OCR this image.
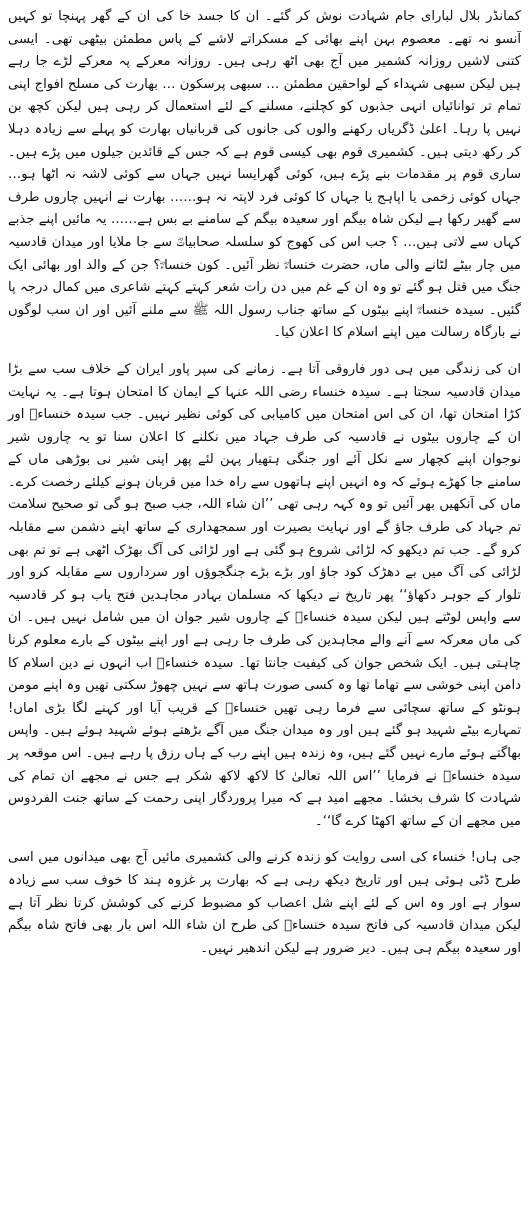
کمانڈر بلال لبارای جام شہادت نوش کر گئے۔ ان کا جسد خا کی ان کے گھر پہنچا تو کہیں آنسو نہ تھے۔ معصوم بہن اپنے بھائی کے مسکراتے لاشے کے پاس مطمئن بیٹھی تھی۔ ایسی کتنی لاشیں روزانہ کشمیر میں آج بھی اٹھ رہی ہیں۔ روزانہ معرکے پہ معرکے لڑے جا رہے ہیں لیکن سبھی شہداء کے لواحقین مطمئن … سبھی پرسکون … بھارت کی مسلح افواج اپنی تمام تر توانائیاں انہی جذبوں کو کچلنے، مسلنے کے لئے استعمال کر رہی ہیں لیکن کچھ بن نہیں پا رہا۔ اعلیٰ ڈگریاں رکھنے والوں کی جانوں کی قربانیاں بھارت کو پہلے سے زیادہ دہلا کر رکھ دیتی ہیں۔ کشمیری قوم بھی کیسی قوم ہے کہ جس کے قائدین جیلوں میں پڑے ہیں۔ ساری قوم پر مقدمات بنے پڑے ہیں، کوئی گھرایسا نہیں جہاں سے کوئی لاشہ نہ اٹھا ہو… جہاں کوئی زخمی یا اپاہج یا جہاں کا کوئی فرد لاپتہ نہ ہو…… بھارت نے انہیں چاروں طرف سے گھیر رکھا ہے لیکن شاہ بیگم اور سعیدہ بیگم کے سامنے بے بس ہے…… یہ مائیں اپنے جذبے کہاں سے لاتی ہیں… ؟ جب اس کی کھوج کو سلسلہ صحابیاتؓ سے جا ملایا اور میدان قادسیہ میں چار بیٹے لٹانے والی ماں، حضرت خنساءؓ نظر آئیں۔ کون خنساءؓ؟ جن کے والد اور بھائی ایک جنگ میں قتل ہو گئے تو وہ ان کے غم میں دن رات شعر کہتے کہتے شاعری میں کمال درجہ پا گئیں۔ سیدہ خنساءؓ اپنے بیٹوں کے ساتھ جناب رسول اللہ ﷺ سے ملنے آئیں اور ان سب لوگوں نے بارگاہ رسالت میں اپنے اسلام کا اعلان کیا۔

ان کی زندگی میں ہی دور فاروقی آتا ہے۔ زمانے کی سپر پاور ایران کے خلاف سب سے بڑا میدان قادسیہ سجتا ہے۔ سیدہ خنساء رضی اللہ عنہا کے ایمان کا امتحان ہوتا ہے۔ یہ نہایت کڑا امتحان تھا، ان کی اس امتحان میں کامیابی کی کوئی نظیر نہیں۔ جب سیدہ خنساءؓ اور ان کے چاروں بیٹوں نے قادسیہ کی طرف جہاد میں نکلنے کا اعلان سنا تو یہ چاروں شیر نوجوان اپنے کچھار سے نکل آئے اور جنگی ہتھیار پہن لئے پھر اپنی شیر نی بوڑھی ماں کے سامنے جا کھڑے ہوئے کہ وہ انہیں اپنے ہاتھوں سے راہ خدا میں قربان ہونے کیلئے رخصت کرے۔ ماں کی آنکھیں بھر آئیں تو وہ کہہ رہی تھی ’’ان شاء اللہ، جب صبح ہو گی تو صحیح سلامت تم جہاد کی طرف جاؤ گے اور نہایت بصیرت اور سمجھداری کے ساتھ اپنے دشمن سے مقابلہ کرو گے۔ جب تم دیکھو کہ لڑائی شروع ہو گئی ہے اور لڑائی کی آگ بھڑک اٹھی ہے تو تم بھی لڑائی کی آگ میں بے دھڑک کود جاؤ اور بڑے بڑے جنگجوؤں اور سرداروں سے مقابلہ کرو اور تلوار کے جوہر دکھاؤ‘‘ پھر تاریخ نے دیکھا کہ مسلمان بہادر مجاہدین فتح یاب ہو کر قادسیہ سے واپس لوٹتے ہیں لیکن سیدہ خنساءؓ کے چاروں شیر جوان ان میں شامل نہیں ہیں۔ ان کی ماں معرکہ سے آنے والے مجاہدین کی طرف جا رہی ہے اور اپنے بیٹوں کے بارے معلوم کرنا چاہتی ہیں۔ ایک شخص جوان کی کیفیت جانتا تھا۔ سیدہ خنساءؓ اب انہوں نے دین اسلام کا دامن اپنی خوشی سے تھاما تھا وہ کسی صورت ہاتھ سے نہیں چھوڑ سکتی تھیں وہ اپنے مومن ہونٹو کے ساتھ سچائی سے فرما رہی تھیں خنساءؓ کے قریب آیا اور کہنے لگا بڑی اماں! تمہارے بیٹے شہید ہو گئے ہیں اور وہ میدان جنگ میں آگے بڑھتے ہوئے شہید ہوئے ہیں۔ واپس بھاگتے ہوئے مارے نہیں گئے ہیں، وہ زندہ ہیں اپنے رب کے ہاں رزق پا رہے ہیں۔ اس موقعہ پر سیدہ خنساءؓ نے فرمایا ’’اس اللہ تعالیٰ کا لاکھ لاکھ شکر ہے جس نے مجھے ان تمام کی شہادت کا شرف بخشا۔ مجھے امید ہے کہ میرا پروردگار اپنی رحمت کے ساتھ جنت الفردوس میں مجھے ان کے ساتھ اکھٹا کرے گا‘‘۔

جی ہاں! خنساء کی اسی روایت کو زندہ کرنے والی کشمیری مائیں آج بھی میدانوں میں اسی طرح ڈٹی ہوئی ہیں اور تاریخ دیکھ رہی ہے کہ بھارت پر غزوہ ہند کا خوف سب سے زیادہ سوار ہے اور وہ اس کے لئے اپنے شل اعصاب کو مضبوط کرنے کی کوشش کرتا نظر آتا ہے لیکن میدان قادسیہ کی فاتح سیدہ خنساءؓ کی طرح ان شاء اللہ اس بار بھی فاتح شاہ بیگم اور سعیدہ بیگم ہی ہیں۔ دیر ضرور ہے لیکن اندھیر نہیں۔
